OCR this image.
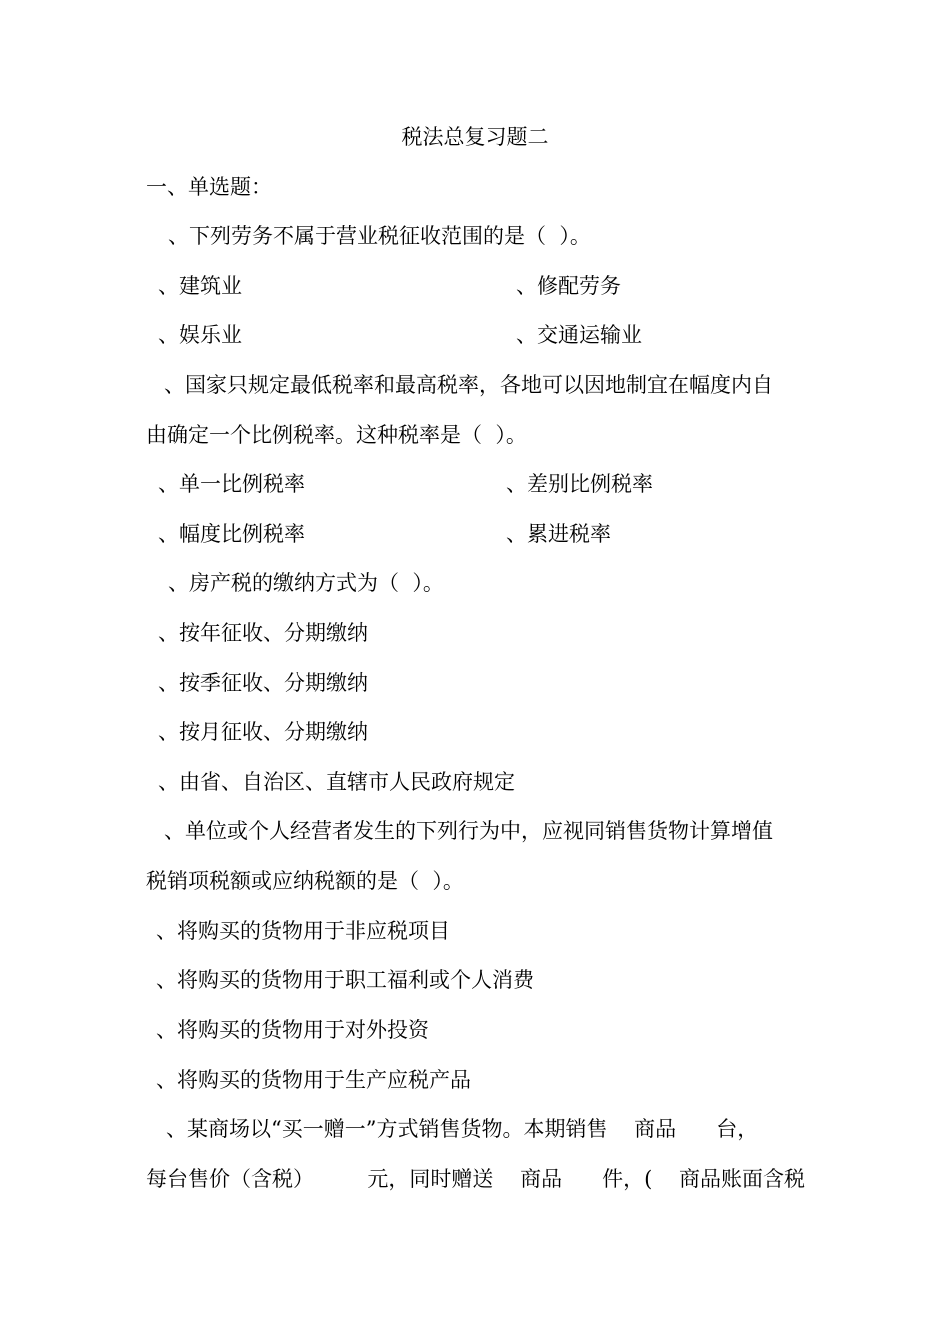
税法总复习题二
一、单选题：
、下列劳务不属于营业税征收范围的是（  ）。
、建筑业	、修配劳务
、娱乐业	、交通运输业
、国家只规定最低税率和最高税率，各地可以因地制宜在幅度内自
由确定一个比例税率。这种税率是（  ）。
、单一比例税率	、差别比例税率
、幅度比例税率	、累进税率
、房产税的缴纳方式为（  ）。
、按年征收、分期缴纳
、按季征收、分期缴纳
、按月征收、分期缴纳
、由省、自治区、直辖市人民政府规定
、单位或个人经营者发生的下列行为中，应视同销售货物计算增值
税销项税额或应纳税额的是（  ）。
、将购买的货物用于非应税项目
、将购买的货物用于职工福利或个人消费
、将购买的货物用于对外投资
、将购买的货物用于生产应税产品
、某商场以“买一赠一”方式销售货物。本期销售    商品      台，
每台售价（含税）        元，同时赠送    商品      件，(    商品账面含税
